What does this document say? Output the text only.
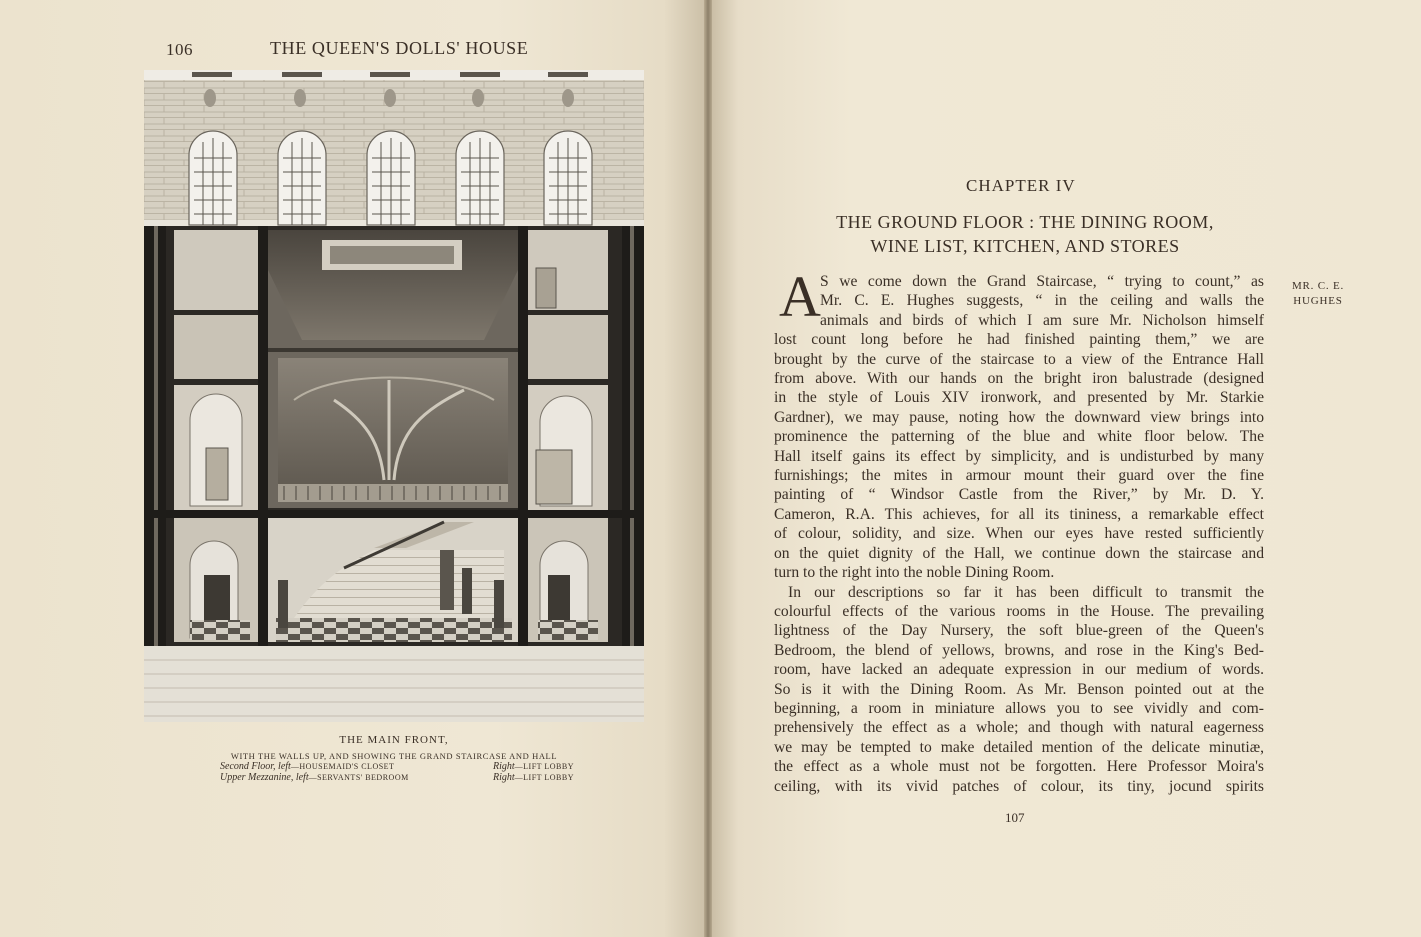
106	THE QUEEN'S DOLLS' HOUSE
THE MAIN FRONT,
WITH THE WALLS UP, AND SHOWING THE GRAND STAIRCASE AND HALL
Second Floor, left—HOUSEMAID'S CLOSET	Right—LIFT LOBBY
Upper Mezzanine, left—SERVANTS' BEDROOM	Right—LIFT LOBBY
CHAPTER IV
THE GROUND FLOOR : THE DINING ROOM,
WINE LIST, KITCHEN, AND STORES
A	MR. C. E.
HUGHES
S we come down the Grand Staircase, “ trying to count,” as
Mr. C. E. Hughes suggests, “ in the ceiling and walls the
animals and birds of which I am sure Mr. Nicholson himself
lost count long before he had finished painting them,” we are
brought by the curve of the staircase to a view of the Entrance Hall
from above. With our hands on the bright iron balustrade (designed
in the style of Louis XIV ironwork, and presented by Mr. Starkie
Gardner), we may pause, noting how the downward view brings into
prominence the patterning of the blue and white floor below. The
Hall itself gains its effect by simplicity, and is undisturbed by many
furnishings; the mites in armour mount their guard over the fine
painting of “ Windsor Castle from the River,” by Mr. D. Y.
Cameron, R.A. This achieves, for all its tininess, a remarkable effect
of colour, solidity, and size. When our eyes have rested sufficiently
on the quiet dignity of the Hall, we continue down the staircase and
turn to the right into the noble Dining Room.
In our descriptions so far it has been difficult to transmit the
colourful effects of the various rooms in the House. The prevailing
lightness of the Day Nursery, the soft blue-green of the Queen's
Bedroom, the blend of yellows, browns, and rose in the King's Bed-
room, have lacked an adequate expression in our medium of words.
So is it with the Dining Room. As Mr. Benson pointed out at the
beginning, a room in miniature allows you to see vividly and com-
prehensively the effect as a whole; and though with natural eagerness
we may be tempted to make detailed mention of the delicate minutiæ,
the effect as a whole must not be forgotten. Here Professor Moira's
ceiling, with its vivid patches of colour, its tiny, jocund spirits
107
